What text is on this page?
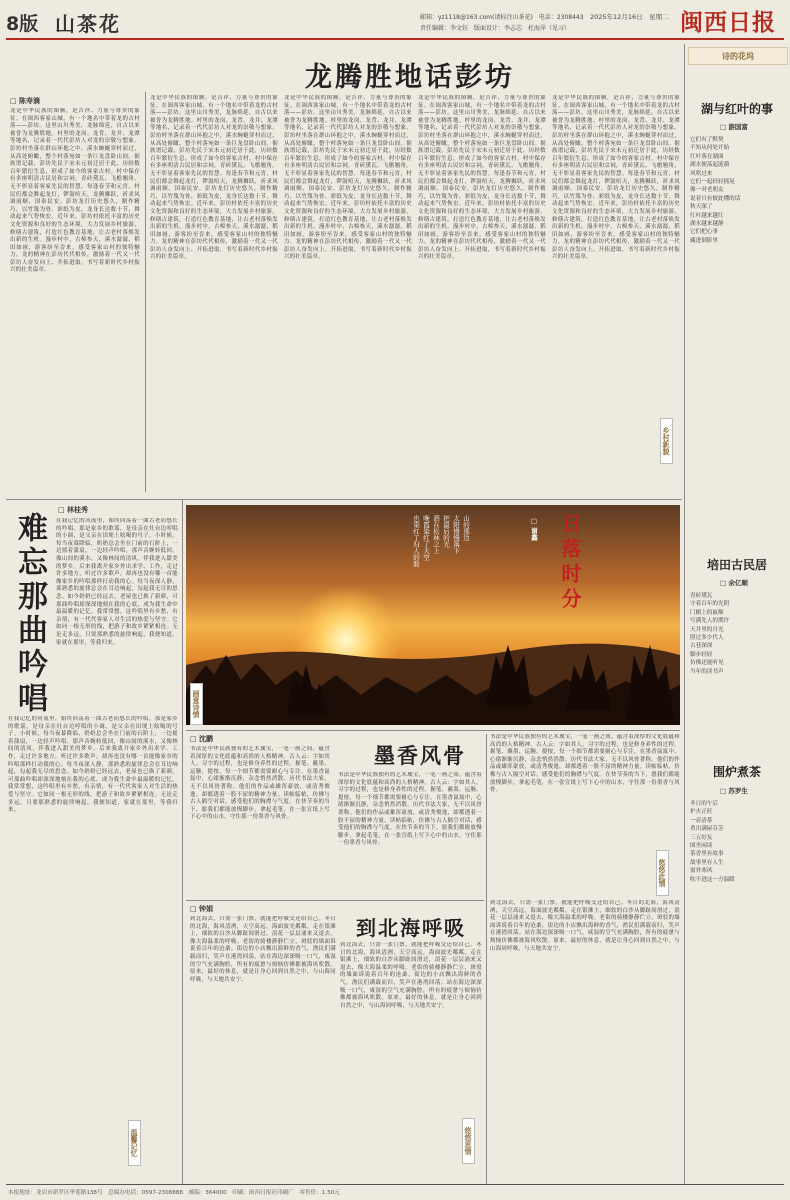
8版 山茶花	邮箱：yz1118@163.com(请标注山茶花)　电话：2308443 2025年12月16日　星期二
责任编辑：李文钰　版面设计：李志芯　杜海萍（见习）	闽西日报
龙腾胜地话彭坊
□ 陈寿滴
龙是中华民族的图腾，是吉祥、力量与尊贵的象征。在闽西客家山城，有一个地名中带着龙的古村落——彭坊。这里山川秀美，龙脉绵延，自古以来被誉为龙腾胜地。村里的龙岗、龙背、龙井、龙潭等地名，记录着一代代彭坊人对龙的崇敬与想象。彭坊村坐落在群山环抱之中，溪水蜿蜒穿村而过，从高处俯瞰，整个村落宛如一条巨龙盘卧山间。据族谱记载，彭坊先民于宋末元初迁居于此，历经数百年繁衍生息，形成了如今的客家古村。村中保存有多座明清古民居和宗祠，青砖黛瓦、飞檐翘角，无不彰显着客家先民的智慧。每逢春节和元宵，村民们都会舞起龙灯，锣鼓喧天，龙腾狮跃，祈求风调雨顺、国泰民安。彭坊龙灯历史悠久，制作精巧，以竹篾为骨、彩纸为皮，龙身长达数十节，舞动起来气势恢宏。近年来，彭坊村依托丰富的历史文化资源和良好的生态环境，大力发展乡村旅游，修缮古建筑，打造红色教育基地，让古老村落焕发出新的生机。漫步村中，古樟参天，溪水潺潺，稻田如画，游客纷至沓来，感受客家山村的独特魅力。龙的精神在彭坊代代相传，激励着一代又一代彭坊人奋发向上、开拓进取，书写着新时代乡村振兴的壮美篇章。
龙是中华民族的图腾，是吉祥、力量与尊贵的象征。在闽西客家山城，有一个地名中带着龙的古村落——彭坊。这里山川秀美，龙脉绵延，自古以来被誉为龙腾胜地。村里的龙岗、龙背、龙井、龙潭等地名，记录着一代代彭坊人对龙的崇敬与想象。彭坊村坐落在群山环抱之中，溪水蜿蜒穿村而过，从高处俯瞰，整个村落宛如一条巨龙盘卧山间。据族谱记载，彭坊先民于宋末元初迁居于此，历经数百年繁衍生息，形成了如今的客家古村。村中保存有多座明清古民居和宗祠，青砖黛瓦、飞檐翘角，无不彰显着客家先民的智慧。每逢春节和元宵，村民们都会舞起龙灯，锣鼓喧天，龙腾狮跃，祈求风调雨顺、国泰民安。彭坊龙灯历史悠久，制作精巧，以竹篾为骨、彩纸为皮，龙身长达数十节，舞动起来气势恢宏。近年来，彭坊村依托丰富的历史文化资源和良好的生态环境，大力发展乡村旅游，修缮古建筑，打造红色教育基地，让古老村落焕发出新的生机。漫步村中，古樟参天，溪水潺潺，稻田如画，游客纷至沓来，感受客家山村的独特魅力。龙的精神在彭坊代代相传，激励着一代又一代彭坊人奋发向上、开拓进取，书写着新时代乡村振兴的壮美篇章。
龙是中华民族的图腾，是吉祥、力量与尊贵的象征。在闽西客家山城，有一个地名中带着龙的古村落——彭坊。这里山川秀美，龙脉绵延，自古以来被誉为龙腾胜地。村里的龙岗、龙背、龙井、龙潭等地名，记录着一代代彭坊人对龙的崇敬与想象。彭坊村坐落在群山环抱之中，溪水蜿蜒穿村而过，从高处俯瞰，整个村落宛如一条巨龙盘卧山间。据族谱记载，彭坊先民于宋末元初迁居于此，历经数百年繁衍生息，形成了如今的客家古村。村中保存有多座明清古民居和宗祠，青砖黛瓦、飞檐翘角，无不彰显着客家先民的智慧。每逢春节和元宵，村民们都会舞起龙灯，锣鼓喧天，龙腾狮跃，祈求风调雨顺、国泰民安。彭坊龙灯历史悠久，制作精巧，以竹篾为骨、彩纸为皮，龙身长达数十节，舞动起来气势恢宏。近年来，彭坊村依托丰富的历史文化资源和良好的生态环境，大力发展乡村旅游，修缮古建筑，打造红色教育基地，让古老村落焕发出新的生机。漫步村中，古樟参天，溪水潺潺，稻田如画，游客纷至沓来，感受客家山村的独特魅力。龙的精神在彭坊代代相传，激励着一代又一代彭坊人奋发向上、开拓进取，书写着新时代乡村振兴的壮美篇章。
龙是中华民族的图腾，是吉祥、力量与尊贵的象征。在闽西客家山城，有一个地名中带着龙的古村落——彭坊。这里山川秀美，龙脉绵延，自古以来被誉为龙腾胜地。村里的龙岗、龙背、龙井、龙潭等地名，记录着一代代彭坊人对龙的崇敬与想象。彭坊村坐落在群山环抱之中，溪水蜿蜒穿村而过，从高处俯瞰，整个村落宛如一条巨龙盘卧山间。据族谱记载，彭坊先民于宋末元初迁居于此，历经数百年繁衍生息，形成了如今的客家古村。村中保存有多座明清古民居和宗祠，青砖黛瓦、飞檐翘角，无不彰显着客家先民的智慧。每逢春节和元宵，村民们都会舞起龙灯，锣鼓喧天，龙腾狮跃，祈求风调雨顺、国泰民安。彭坊龙灯历史悠久，制作精巧，以竹篾为骨、彩纸为皮，龙身长达数十节，舞动起来气势恢宏。近年来，彭坊村依托丰富的历史文化资源和良好的生态环境，大力发展乡村旅游，修缮古建筑，打造红色教育基地，让古老村落焕发出新的生机。漫步村中，古樟参天，溪水潺潺，稻田如画，游客纷至沓来，感受客家山村的独特魅力。龙的精神在彭坊代代相传，激励着一代又一代彭坊人奋发向上、开拓进取，书写着新时代乡村振兴的壮美篇章。
龙是中华民族的图腾，是吉祥、力量与尊贵的象征。在闽西客家山城，有一个地名中带着龙的古村落——彭坊。这里山川秀美，龙脉绵延，自古以来被誉为龙腾胜地。村里的龙岗、龙背、龙井、龙潭等地名，记录着一代代彭坊人对龙的崇敬与想象。彭坊村坐落在群山环抱之中，溪水蜿蜒穿村而过，从高处俯瞰，整个村落宛如一条巨龙盘卧山间。据族谱记载，彭坊先民于宋末元初迁居于此，历经数百年繁衍生息，形成了如今的客家古村。村中保存有多座明清古民居和宗祠，青砖黛瓦、飞檐翘角，无不彰显着客家先民的智慧。每逢春节和元宵，村民们都会舞起龙灯，锣鼓喧天，龙腾狮跃，祈求风调雨顺、国泰民安。彭坊龙灯历史悠久，制作精巧，以竹篾为骨、彩纸为皮，龙身长达数十节，舞动起来气势恢宏。近年来，彭坊村依托丰富的历史文化资源和良好的生态环境，大力发展乡村旅游，修缮古建筑，打造红色教育基地，让古老村落焕发出新的生机。漫步村中，古樟参天，溪水潺潺，稻田如画，游客纷至沓来，感受客家山村的独特魅力。龙的精神在彭坊代代相传，激励着一代又一代彭坊人奋发向上、开拓进取，书写着新时代乡村振兴的壮美篇章。
乡村新貌
诗的花坞
湖与红叶的事
□ 游国富
它们有了默契
不知从何处开始
红叶落在湖面
湖水便荡起涟漪
风吹过来
它们一起轻轻摇晃
像一对老朋友
说着只有彼此懂的话
秋天深了
红叶越来越红
湖水越来越静
它们把心事
藏进倒影里
培田古民居
□ 余亿顺
青砖黛瓦
守着百年的光阴
门楣上的匾额
写满先人的期许
天井里的月光
照过多少代人
古巷深深
脚步轻轻
仿佛还能听见
当年的读书声
围炉煮茶
□ 苏罗生
冬日的午后
炉火正旺
一壶清茶
煮出满屋芬芳
三五好友
围坐闲谈
茶香里有故事
故事里有人生
窗外寒风
吹不进这一方温暖
□ 林桂秀
难忘那曲吟唱 在我记忆的河流里，始终回荡着一曲古老而悠长的吟唱。那是家乡的歌谣，是母亲在灶台边哼唱的小调，是父亲在田埂上吆喝的号子。小时候，每当夜幕降临，奶奶总会坐在门前的石阶上，一边摇着蒲扇，一边轻声吟唱。那声音婉转低回，像山间的溪水，又像林间的清风，伴我进入甜美的梦乡。后来我离开家乡外出求学、工作，走过许多地方，听过许多歌声，却再也没有哪一首能像家乡的吟唱那样打动我的心。每当夜深人静，那熟悉的旋律总会在耳边响起，勾起我无尽的思念。如今奶奶已经远去，老屋也已换了新颜，可那曲吟唱却深深地刻在我的心底，成为我生命中最温暖的记忆。我常常想，这吟唱里有乡愁，有亲情，有一代代客家人对生活的热爱与坚守。它如同一根无形的线，把游子和故乡紧紧相连。无论走多远，只要那熟悉的旋律响起，我便知道，家就在那里，等我归来。
在我记忆的河流里，始终回荡着一曲古老而悠长的吟唱。那是家乡的歌谣，是母亲在灶台边哼唱的小调，是父亲在田埂上吆喝的号子。小时候，每当夜幕降临，奶奶总会坐在门前的石阶上，一边摇着蒲扇，一边轻声吟唱。那声音婉转低回，像山间的溪水，又像林间的清风，伴我进入甜美的梦乡。后来我离开家乡外出求学、工作，走过许多地方，听过许多歌声，却再也没有哪一首能像家乡的吟唱那样打动我的心。每当夜深人静，那熟悉的旋律总会在耳边响起，勾起我无尽的思念。如今奶奶已经远去，老屋也已换了新颜，可那曲吟唱却深深地刻在我的心底，成为我生命中最温暖的记忆。我常常想，这吟唱里有乡愁，有亲情，有一代代客家人对生活的热爱与坚守。它如同一根无形的线，把游子和故乡紧紧相连。无论走多远，只要那熟悉的旋律响起，我便知道，家就在那里，等我归来。
温馨记忆
日落时分
□ 谢鑫
山的那边
太阳慢慢落下
把最后的光
洒在松林之上
晚霞染红了天空
也染红了归人的脸
画意诗情
□ 沈鹏
书法是中华民族独有的艺术瑰宝，一笔一画之间，蕴含着深厚的文化底蕴和高尚的人格精神。古人云：字如其人。习字的过程，也是修身养性的过程。握笔、蘸墨、运腕、提按，每一个细节都需要耐心与专注。在墨香氤氲中，心绪渐渐沉静，杂念悄然消散。历代书法大家，无不以风骨著称。他们的作品或雄浑豪放，或清秀俊逸，却都透着一股不屈的精神力量。读帖临帖，仿佛与古人隔空对话，感受他们的胸襟与气度。在快节奏的当下，愿我们都能放慢脚步，拿起毛笔，在一张宣纸上写下心中的山水，守住那一份墨香与风骨。
墨香风骨
书法是中华民族独有的艺术瑰宝，一笔一画之间，蕴含着深厚的文化底蕴和高尚的人格精神。古人云：字如其人。习字的过程，也是修身养性的过程。握笔、蘸墨、运腕、提按，每一个细节都需要耐心与专注。在墨香氤氲中，心绪渐渐沉静，杂念悄然消散。历代书法大家，无不以风骨著称。他们的作品或雄浑豪放，或清秀俊逸，却都透着一股不屈的精神力量。读帖临帖，仿佛与古人隔空对话，感受他们的胸襟与气度。在快节奏的当下，愿我们都能放慢脚步，拿起毛笔，在一张宣纸上写下心中的山水，守住那一份墨香与风骨。
书法是中华民族独有的艺术瑰宝，一笔一画之间，蕴含着深厚的文化底蕴和高尚的人格精神。古人云：字如其人。习字的过程，也是修身养性的过程。握笔、蘸墨、运腕、提按，每一个细节都需要耐心与专注。在墨香氤氲中，心绪渐渐沉静，杂念悄然消散。历代书法大家，无不以风骨著称。他们的作品或雄浑豪放，或清秀俊逸，却都透着一股不屈的精神力量。读帖临帖，仿佛与古人隔空对话，感受他们的胸襟与气度。在快节奏的当下，愿我们都能放慢脚步，拿起毛笔，在一张宣纸上写下心中的山水，守住那一份墨香与风骨。
悠悠此情
□ 钟娟
到北海去，只需一张门票，就能把呼吸交还给自己。冬日的北海，海风清冽，天空高远，海面波光粼粼。走在银滩上，细软的白沙从脚趾间滑过，浪花一层层涌来又退去，像大海温柔的呼吸。老街的骑楼静静伫立，斑驳的墙面诉说着百年的沧桑。街边的小店飘出海鲜的香气，渔民们满载而归，笑声在港湾回荡。站在海边深深吸一口气，咸湿的空气充满胸腔，所有的疲惫与烦恼仿佛都被海风吹散。原来，最好的休息，就是让身心回到自然之中，与山海同呼吸，与天地共安宁。
到北海呼吸
到北海去，只需一张门票，就能把呼吸交还给自己。冬日的北海，海风清冽，天空高远，海面波光粼粼。走在银滩上，细软的白沙从脚趾间滑过，浪花一层层涌来又退去，像大海温柔的呼吸。老街的骑楼静静伫立，斑驳的墙面诉说着百年的沧桑。街边的小店飘出海鲜的香气，渔民们满载而归，笑声在港湾回荡。站在海边深深吸一口气，咸湿的空气充满胸腔，所有的疲惫与烦恼仿佛都被海风吹散。原来，最好的休息，就是让身心回到自然之中，与山海同呼吸，与天地共安宁。
到北海去，只需一张门票，就能把呼吸交还给自己。冬日的北海，海风清冽，天空高远，海面波光粼粼。走在银滩上，细软的白沙从脚趾间滑过，浪花一层层涌来又退去，像大海温柔的呼吸。老街的骑楼静静伫立，斑驳的墙面诉说着百年的沧桑。街边的小店飘出海鲜的香气，渔民们满载而归，笑声在港湾回荡。站在海边深深吸一口气，咸湿的空气充满胸腔，所有的疲惫与烦恼仿佛都被海风吹散。原来，最好的休息，就是让身心回到自然之中，与山海同呼吸，与天地共安宁。
悠悠思情
本报地址：龙岩市新罗区华莲路138号　总编办电话：0597-2308888　邮编：364000　印刷：闽西日报社印刷厂　零售价：1.50元
